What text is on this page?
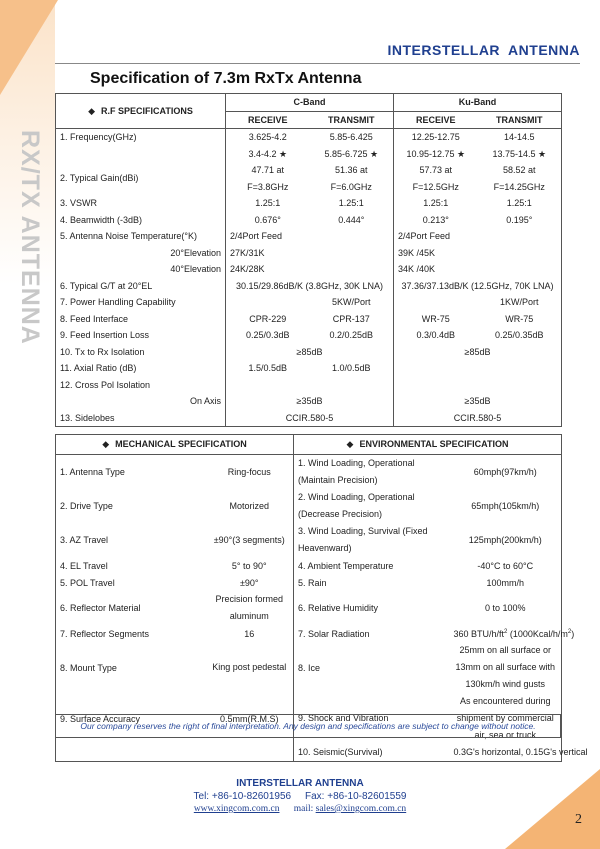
INTERSTELLAR ANTENNA
RX/TX ANTENNA
Specification of 7.3m RxTx Antenna
◆ R.F SPECIFICATIONS	C-Band		Ku-Band	
	RECEIVE	TRANSMIT	RECEIVE	TRANSMIT
1. Frequency(GHz)	3.625-4.2	5.85-6.425	12.25-12.75	14-14.5
	3.4-4.2 ★	5.85-6.725 ★	10.95-12.75 ★	13.75-14.5 ★
2. Typical Gain(dBi)	47.71 at	51.36 at	57.73 at	58.52 at
	F=3.8GHz	F=6.0GHz	F=12.5GHz	F=14.25GHz
3. VSWR	1.25:1	1.25:1	1.25:1	1.25:1
4. Beamwidth (-3dB)	0.676°	0.444°	0.213°	0.195°
5. Antenna Noise Temperature(°K)	2/4Port Feed		2/4Port Feed	
20°Elevation	27K/31K		39K /45K	
40°Elevation	24K/28K		34K /40K	
6. Typical G/T at 20°EL	30.15/29.86dB/K (3.8GHz, 30K LNA)		37.36/37.13dB/K (12.5GHz, 70K LNA)	
7. Power Handling Capability		5KW/Port		1KW/Port
8. Feed Interface	CPR-229	CPR-137	WR-75	WR-75
9. Feed Insertion Loss	0.25/0.3dB	0.2/0.25dB	0.3/0.4dB	0.25/0.35dB
10. Tx to Rx Isolation	≥85dB		≥85dB	
11. Axial Ratio (dB)	1.5/0.5dB	1.0/0.5dB		
12. Cross Pol Isolation				
On Axis	≥35dB		≥35dB	
13. Sidelobes	CCIR.580-5		CCIR.580-5	
◆ MECHANICAL SPECIFICATION		◆ ENVIRONMENTAL SPECIFICATION	
1. Antenna Type	Ring-focus	1. Wind Loading, Operational (Maintain Precision)	60mph(97km/h)
2. Drive Type	Motorized	2. Wind Loading, Operational (Decrease Precision)	65mph(105km/h)
3. AZ Travel	±90°(3 segments)	3. Wind Loading, Survival (Fixed Heavenward)	125mph(200km/h)
4. EL Travel	5° to 90°	4. Ambient Temperature	-40°C to 60°C
5. POL Travel	±90°	5. Rain	100mm/h
6. Reflector Material	Precision formed aluminum	6. Relative Humidity	0 to 100%
7. Reflector Segments	16	7. Solar Radiation	360 BTU/$h/ft^2$ $(1000Kcal/h/m^2)$
8. Mount Type	King post pedestal	8. Ice	25mm on all surface or 13mm on all surface with 130km/h wind gusts
9. Surface Accuracy	0.5mm(R.M.S)	9. Shock and Vibration	As encountered during shipment by commercial air, sea or truck
		10. Seismic(Survival)	0.3G's horizontal, 0.15G's vertical
Our company reserves the right of final interpretation. Any design and specifications are subject to change without notice.
INTERSTELLAR ANTENNA
Tel: +86-10-82601956 Fax: +86-10-82601559
www.xingcom.com.cn mail: sales@xingcom.com.cn
2
